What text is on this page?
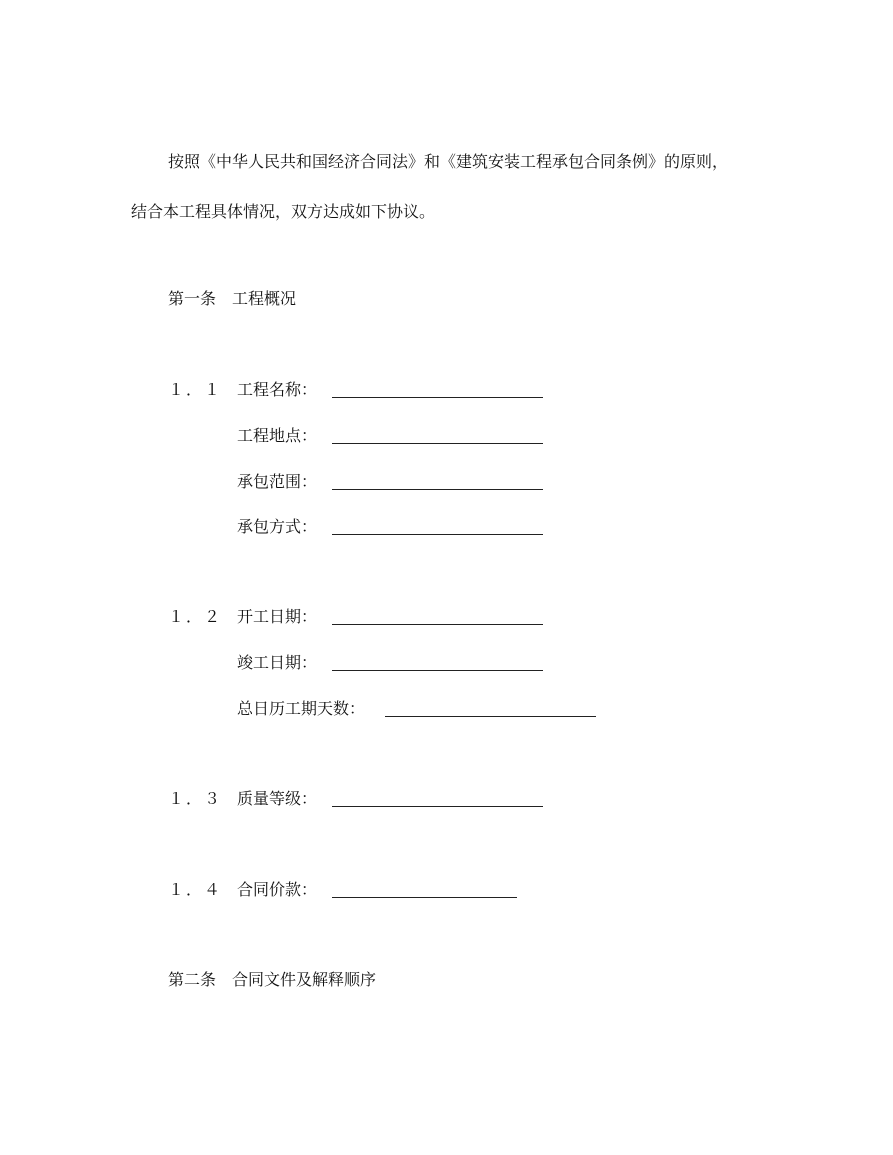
按照《中华人民共和国经济合同法》和《建筑安装工程承包合同条例》的原则，
结合本工程具体情况，双方达成如下协议。
第一条　工程概况
１．１ 工程名称：
工程地点：
承包范围：
承包方式：
１．２ 开工日期：
竣工日期：
总日历工期天数：
１．３ 质量等级：
１．４ 合同价款：
第二条　合同文件及解释顺序
